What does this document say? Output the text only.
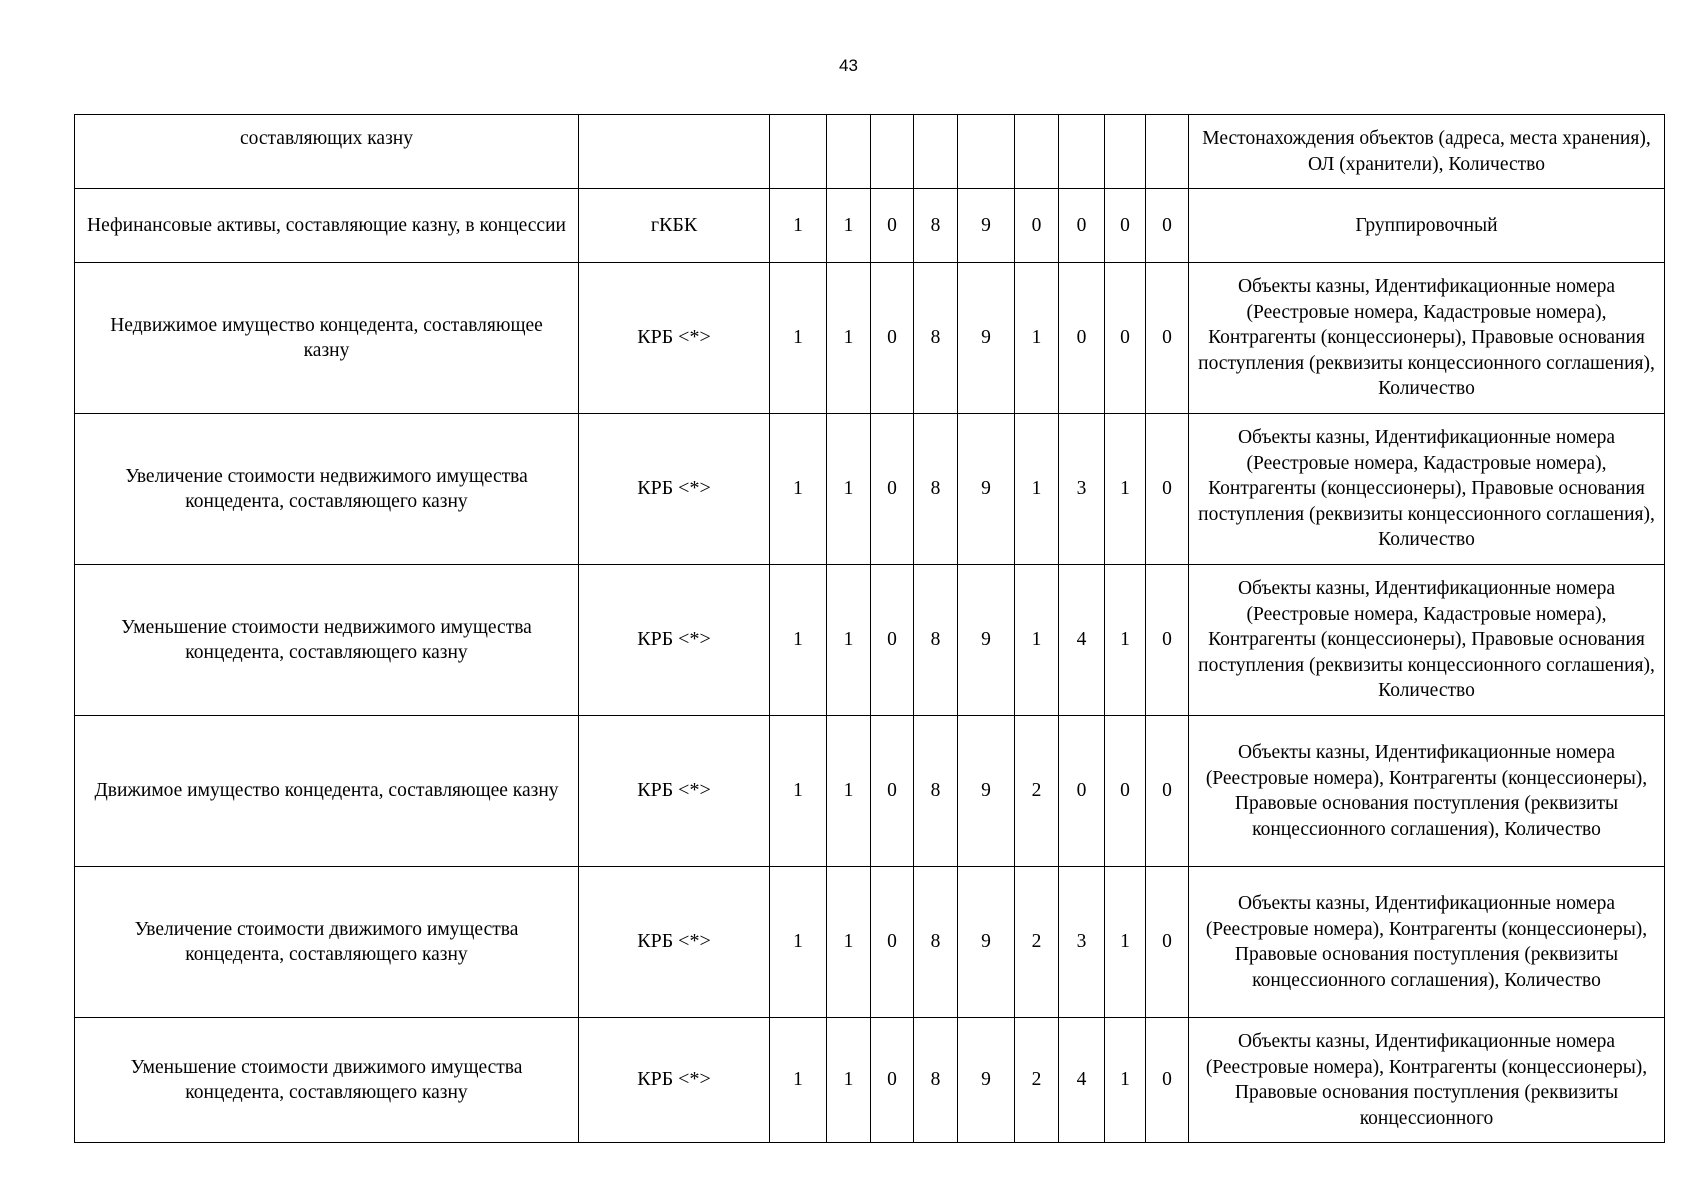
43
составляющих казну											Местонахождения объектов (адреса, места хранения), ОЛ (хранители), Количество
Нефинансовые активы, составляющие казну, в концессии	гКБК	1	1	0	8	9	0	0	0	0	Группировочный
Недвижимое имущество концедента, составляющее казну	КРБ <*>	1	1	0	8	9	1	0	0	0	Объекты казны, Идентификационные номера (Реестровые номера, Кадастровые номера), Контрагенты (концессионеры), Правовые основания поступления (реквизиты концессионного соглашения), Количество
Увеличение стоимости недвижимого имущества концедента, составляющего казну	КРБ <*>	1	1	0	8	9	1	3	1	0	Объекты казны, Идентификационные номера (Реестровые номера, Кадастровые номера), Контрагенты (концессионеры), Правовые основания поступления (реквизиты концессионного соглашения), Количество
Уменьшение стоимости недвижимого имущества концедента, составляющего казну	КРБ <*>	1	1	0	8	9	1	4	1	0	Объекты казны, Идентификационные номера (Реестровые номера, Кадастровые номера), Контрагенты (концессионеры), Правовые основания поступления (реквизиты концессионного соглашения), Количество
Движимое имущество концедента, составляющее казну	КРБ <*>	1	1	0	8	9	2	0	0	0	Объекты казны, Идентификационные номера (Реестровые номера), Контрагенты (концессионеры), Правовые основания поступления (реквизиты концессионного соглашения), Количество
Увеличение стоимости движимого имущества концедента, составляющего казну	КРБ <*>	1	1	0	8	9	2	3	1	0	Объекты казны, Идентификационные номера (Реестровые номера), Контрагенты (концессионеры), Правовые основания поступления (реквизиты концессионного соглашения), Количество
Уменьшение стоимости движимого имущества концедента, составляющего казну	КРБ <*>	1	1	0	8	9	2	4	1	0	Объекты казны, Идентификационные номера (Реестровые номера), Контрагенты (концессионеры), Правовые основания поступления (реквизиты концессионного
